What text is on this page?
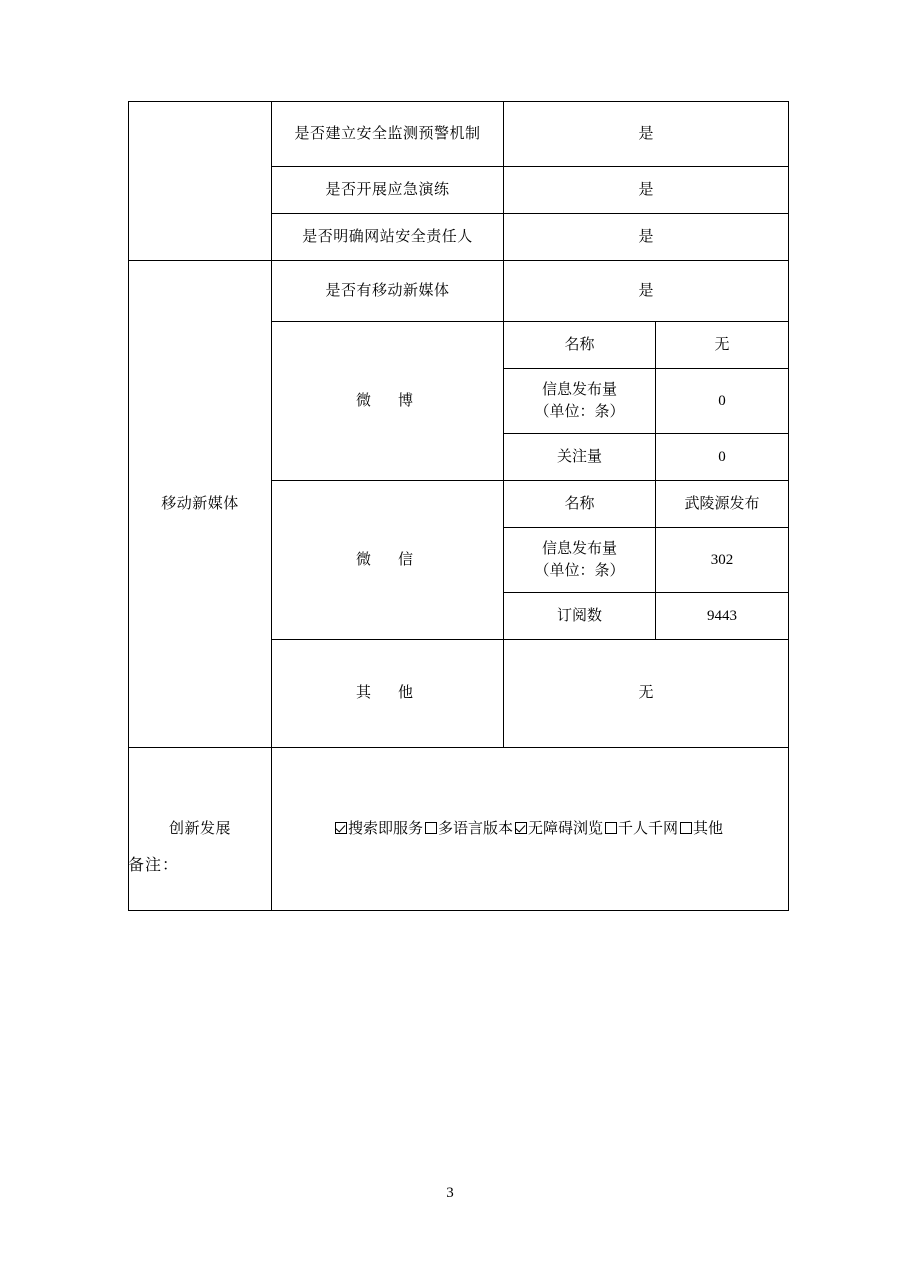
	是否建立安全监测预警机制	是	
	是否开展应急演练	是	
	是否明确网站安全责任人	是	
移动新媒体	是否有移动新媒体	是	
	微　博	名称	无

		信息发布量
（单位：条）	0
		关注量	0
	微　信	名称	武陵源发布

		信息发布量
（单位：条）	302
		订阅数	9443
	其　他	无	
创新发展	搜索即服务 多语言版本 无障碍浏览 千人千网 其他		
备注：
3
